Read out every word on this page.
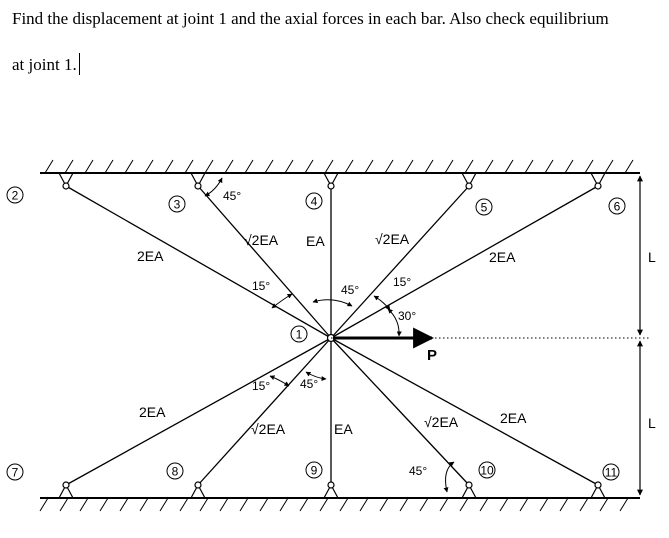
Find the displacement at joint 1 and the axial forces in each bar. Also check equilibrium
at joint 1.
P
L
L
2
3	4	5	6
1
7	8	9	10	11
2EA
√2EA EA	√2EA
2EA
2EA
√2EA	EA	√2EA	2EA
45°
15°	45°
15°
30°
15° 45°
45°
